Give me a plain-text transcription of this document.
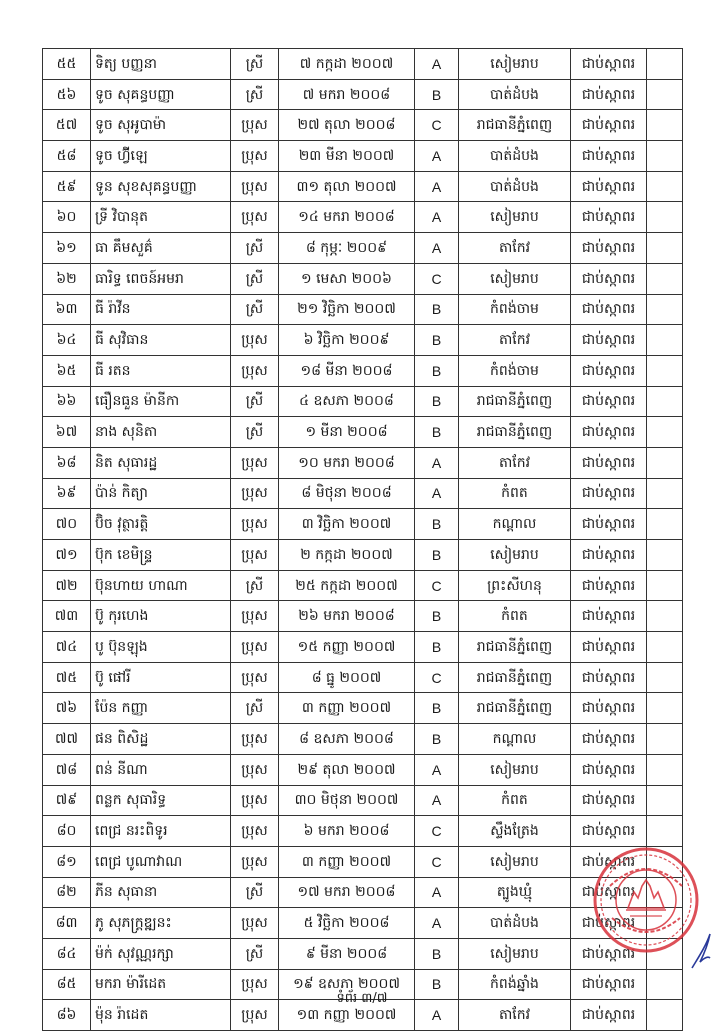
៥៥	ទិត្យ បញ្ញនា	ស្រី	៧ កក្កដា ២០០៧	A	សៀមរាប	ជាប់ស្កាពរ	
៥៦	ទូច សុគន្ធបញ្ញា	ស្រី	៧ មករា ២០០៨	B	បាត់ដំបង	ជាប់ស្កាពរ	
៥៧	ទូច សុអូបាម៉ា	ប្រុស	២៧ តុលា ២០០៨	C	រាជធានីភ្នំពេញ	ជាប់ស្កាពរ	
៥៨	ទូច ហ៊្វីឡេ	ប្រុស	២៣ មីនា ២០០៧	A	បាត់ដំបង	ជាប់ស្កាពរ	
៥៩	ទូន សុខសុគន្ធបញ្ញា	ប្រុស	៣១ តុលា ២០០៧	A	បាត់ដំបង	ជាប់ស្កាពរ	
៦០	ទ្រី វិបានុត	ប្រុស	១៤ មករា ២០០៨	A	សៀមរាប	ជាប់ស្កាពរ	
៦១	ធា គឹមសួគ៌	ស្រី	៨ កុម្ភៈ ២០០៩	A	តាកែវ	ជាប់ស្កាពរ	
៦២	ធារិទ្ធ ពេចន៍អមរា	ស្រី	១ មេសា ២០០៦	C	សៀមរាប	ជាប់ស្កាពរ	
៦៣	ធី រ៉ាវីន	ស្រី	២១ វិច្ឆិកា ២០០៧	B	កំពង់ចាម	ជាប់ស្កាពរ	
៦៤	ធី សុវិធាន	ប្រុស	៦ វិច្ឆិកា ២០០៩	B	តាកែវ	ជាប់ស្កាពរ	
៦៥	ធី រតន	ប្រុស	១៨ មីនា ២០០៨	B	កំពង់ចាម	ជាប់ស្កាពរ	
៦៦	ធឿនធួន ម៉ានីកា	ស្រី	៤ ឧសភា ២០០៨	B	រាជធានីភ្នំពេញ	ជាប់ស្កាពរ	
៦៧	នាង សុនិតា	ស្រី	១ មីនា ២០០៨	B	រាជធានីភ្នំពេញ	ជាប់ស្កាពរ	
៦៨	និត សុធារដ្ឋ	ប្រុស	១០ មករា ២០០៨	A	តាកែវ	ជាប់ស្កាពរ	
៦៩	ប៉ាន់ កិត្យា	ប្រុស	៨ មិថុនា ២០០៨	A	កំពត	ជាប់ស្កាពរ	
៧០	ប៊ិច វុត្ថារត្តិ	ប្រុស	៣ វិច្ឆិកា ២០០៧	B	កណ្ដាល	ជាប់ស្កាពរ	
៧១	ប៊ុក ខេមិន្ទ្រ	ប្រុស	២ កក្កដា ២០០៧	B	សៀមរាប	ជាប់ស្កាពរ	
៧២	ប៊ុនហាយ ហាណា	ស្រី	២៥ កក្កដា ២០០៧	C	ព្រះសីហនុ	ជាប់ស្កាពរ	
៧៣	ប៊ូ កុរហេង	ប្រុស	២៦ មករា ២០០៨	B	កំពត	ជាប់ស្កាពរ	
៧៤	បូ ប៊ុនឡុង	ប្រុស	១៥ កញ្ញា ២០០៧	B	រាជធានីភ្នំពេញ	ជាប់ស្កាពរ	
៧៥	ប៊ូ ផៅរី	ប្រុស	៨ ធ្នូ ២០០៧	C	រាជធានីភ្នំពេញ	ជាប់ស្កាពរ	
៧៦	ប៉ែន កញ្ញា	ស្រី	៣ កញ្ញា ២០០៧	B	រាជធានីភ្នំពេញ	ជាប់ស្កាពរ	
៧៧	ផន ពិសិដ្ឋ	ប្រុស	៨ ឧសភា ២០០៨	B	កណ្ដាល	ជាប់ស្កាពរ	
៧៨	ពន់ នីណា	ប្រុស	២៩ តុលា ២០០៧	A	សៀមរាប	ជាប់ស្កាពរ	
៧៩	ពន្លក សុធារិទ្ធ	ប្រុស	៣០ មិថុនា ២០០៧	A	កំពត	ជាប់ស្កាពរ	
៨០	ពេជ្រ នរះពិទូរ	ប្រុស	៦ មករា ២០០៨	C	ស្ទឹងត្រែង	ជាប់ស្កាពរ	
៨១	ពេជ្រ បូណាវាណ	ប្រុស	៣ កញ្ញា ២០០៧	C	សៀមរាប	ជាប់ស្កាពរ	
៨២	ភីន សុធានា	ស្រី	១៧ មករា ២០០៨	A	ត្បូងឃ្មុំ	ជាប់ស្កាពរ	
៨៣	ភូ សុភក្រ្ដឌ្ឍនះ	ប្រុស	៥ វិច្ឆិកា ២០០៨	A	បាត់ដំបង	ជាប់ស្កាពរ	
៨៤	ម៉ក់ សុវណ្ណរក្សា	ស្រី	៩ មីនា ២០០៨	B	សៀមរាប	ជាប់ស្កាពរ	
៨៥	មករា ម៉ារីដេត	ប្រុស	១៩ ឧសភា ២០០៧	B	កំពង់ឆ្នាំង	ជាប់ស្កាពរ	
៨៦	ម៉ុន រ៉ាដេត	ប្រុស	១៣ កញ្ញា ២០០៧	A	តាកែវ	ជាប់ស្កាពរ	
ទំព័រ ៣/៧
